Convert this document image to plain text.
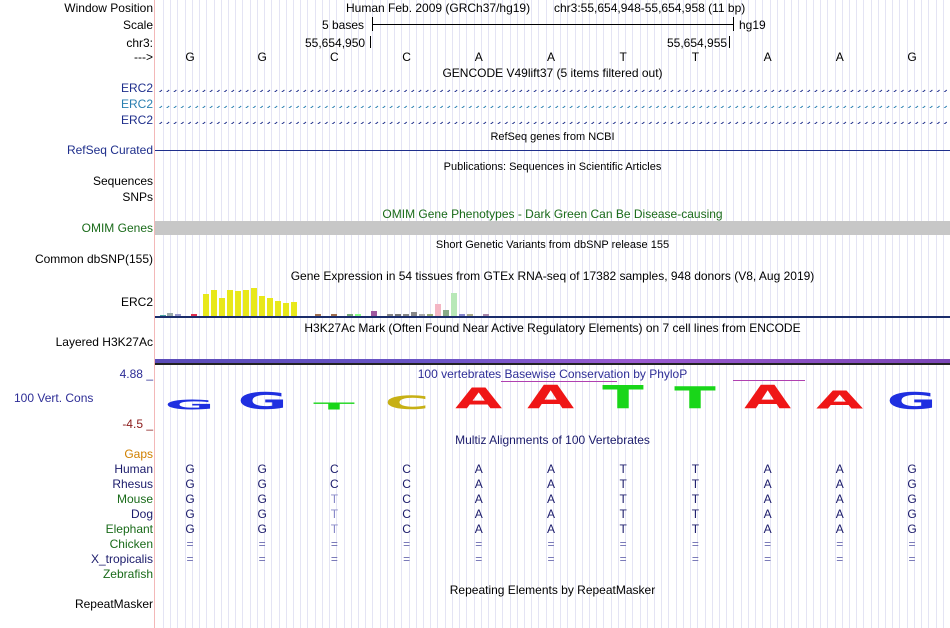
Window Position	Human Feb. 2009 (GRCh37/hg19) chr3:55,654,948-55,654,958 (11 bp)
Scale	5 bases	hg19
chr3:	55,654,950	55,654,955
--->	G	G	C	C	A	A	T	T	A	A	G
GENCODE V49lift37 (5 items filtered out)
ERC2
ERC2
ERC2
RefSeq genes from NCBI
RefSeq Curated
Publications: Sequences in Scientific Articles
Sequences
SNPs
OMIM Gene Phenotypes - Dark Green Can Be Disease-causing
OMIM Genes
Short Genetic Variants from dbSNP release 155
Common dbSNP(155)
Gene Expression in 54 tissues from GTEx RNA-seq of 17382 samples, 948 donors (V8, Aug 2019)
ERC2
H3K27Ac Mark (Often Found Near Active Regulatory Elements) on 7 cell lines from ENCODE
Layered H3K27Ac
100 vertebrates Basewise Conservation by PhyloP
4.88 _
100 Vert. Cons
-4.5 _
G G T C A A T T A A G
Multiz Alignments of 100 Vertebrates
Gaps
Human	G	G	C	C	A	A	T	T	A	A	G
Rhesus	G	G	C	C	A	A	T	T	A	A	G
Mouse	G	G	T	C	A	A	T	T	A	A	G
Dog	G	G	T	C	A	A	T	T	A	A	G
Elephant	G	G	T	C	A	A	T	T	A	A	G
Chicken	=	=	=	=	=	=	=	=	=	=	=
X_tropicalis	=	=	=	=	=	=	=	=	=	=	=
Zebrafish
Repeating Elements by RepeatMasker
RepeatMasker
